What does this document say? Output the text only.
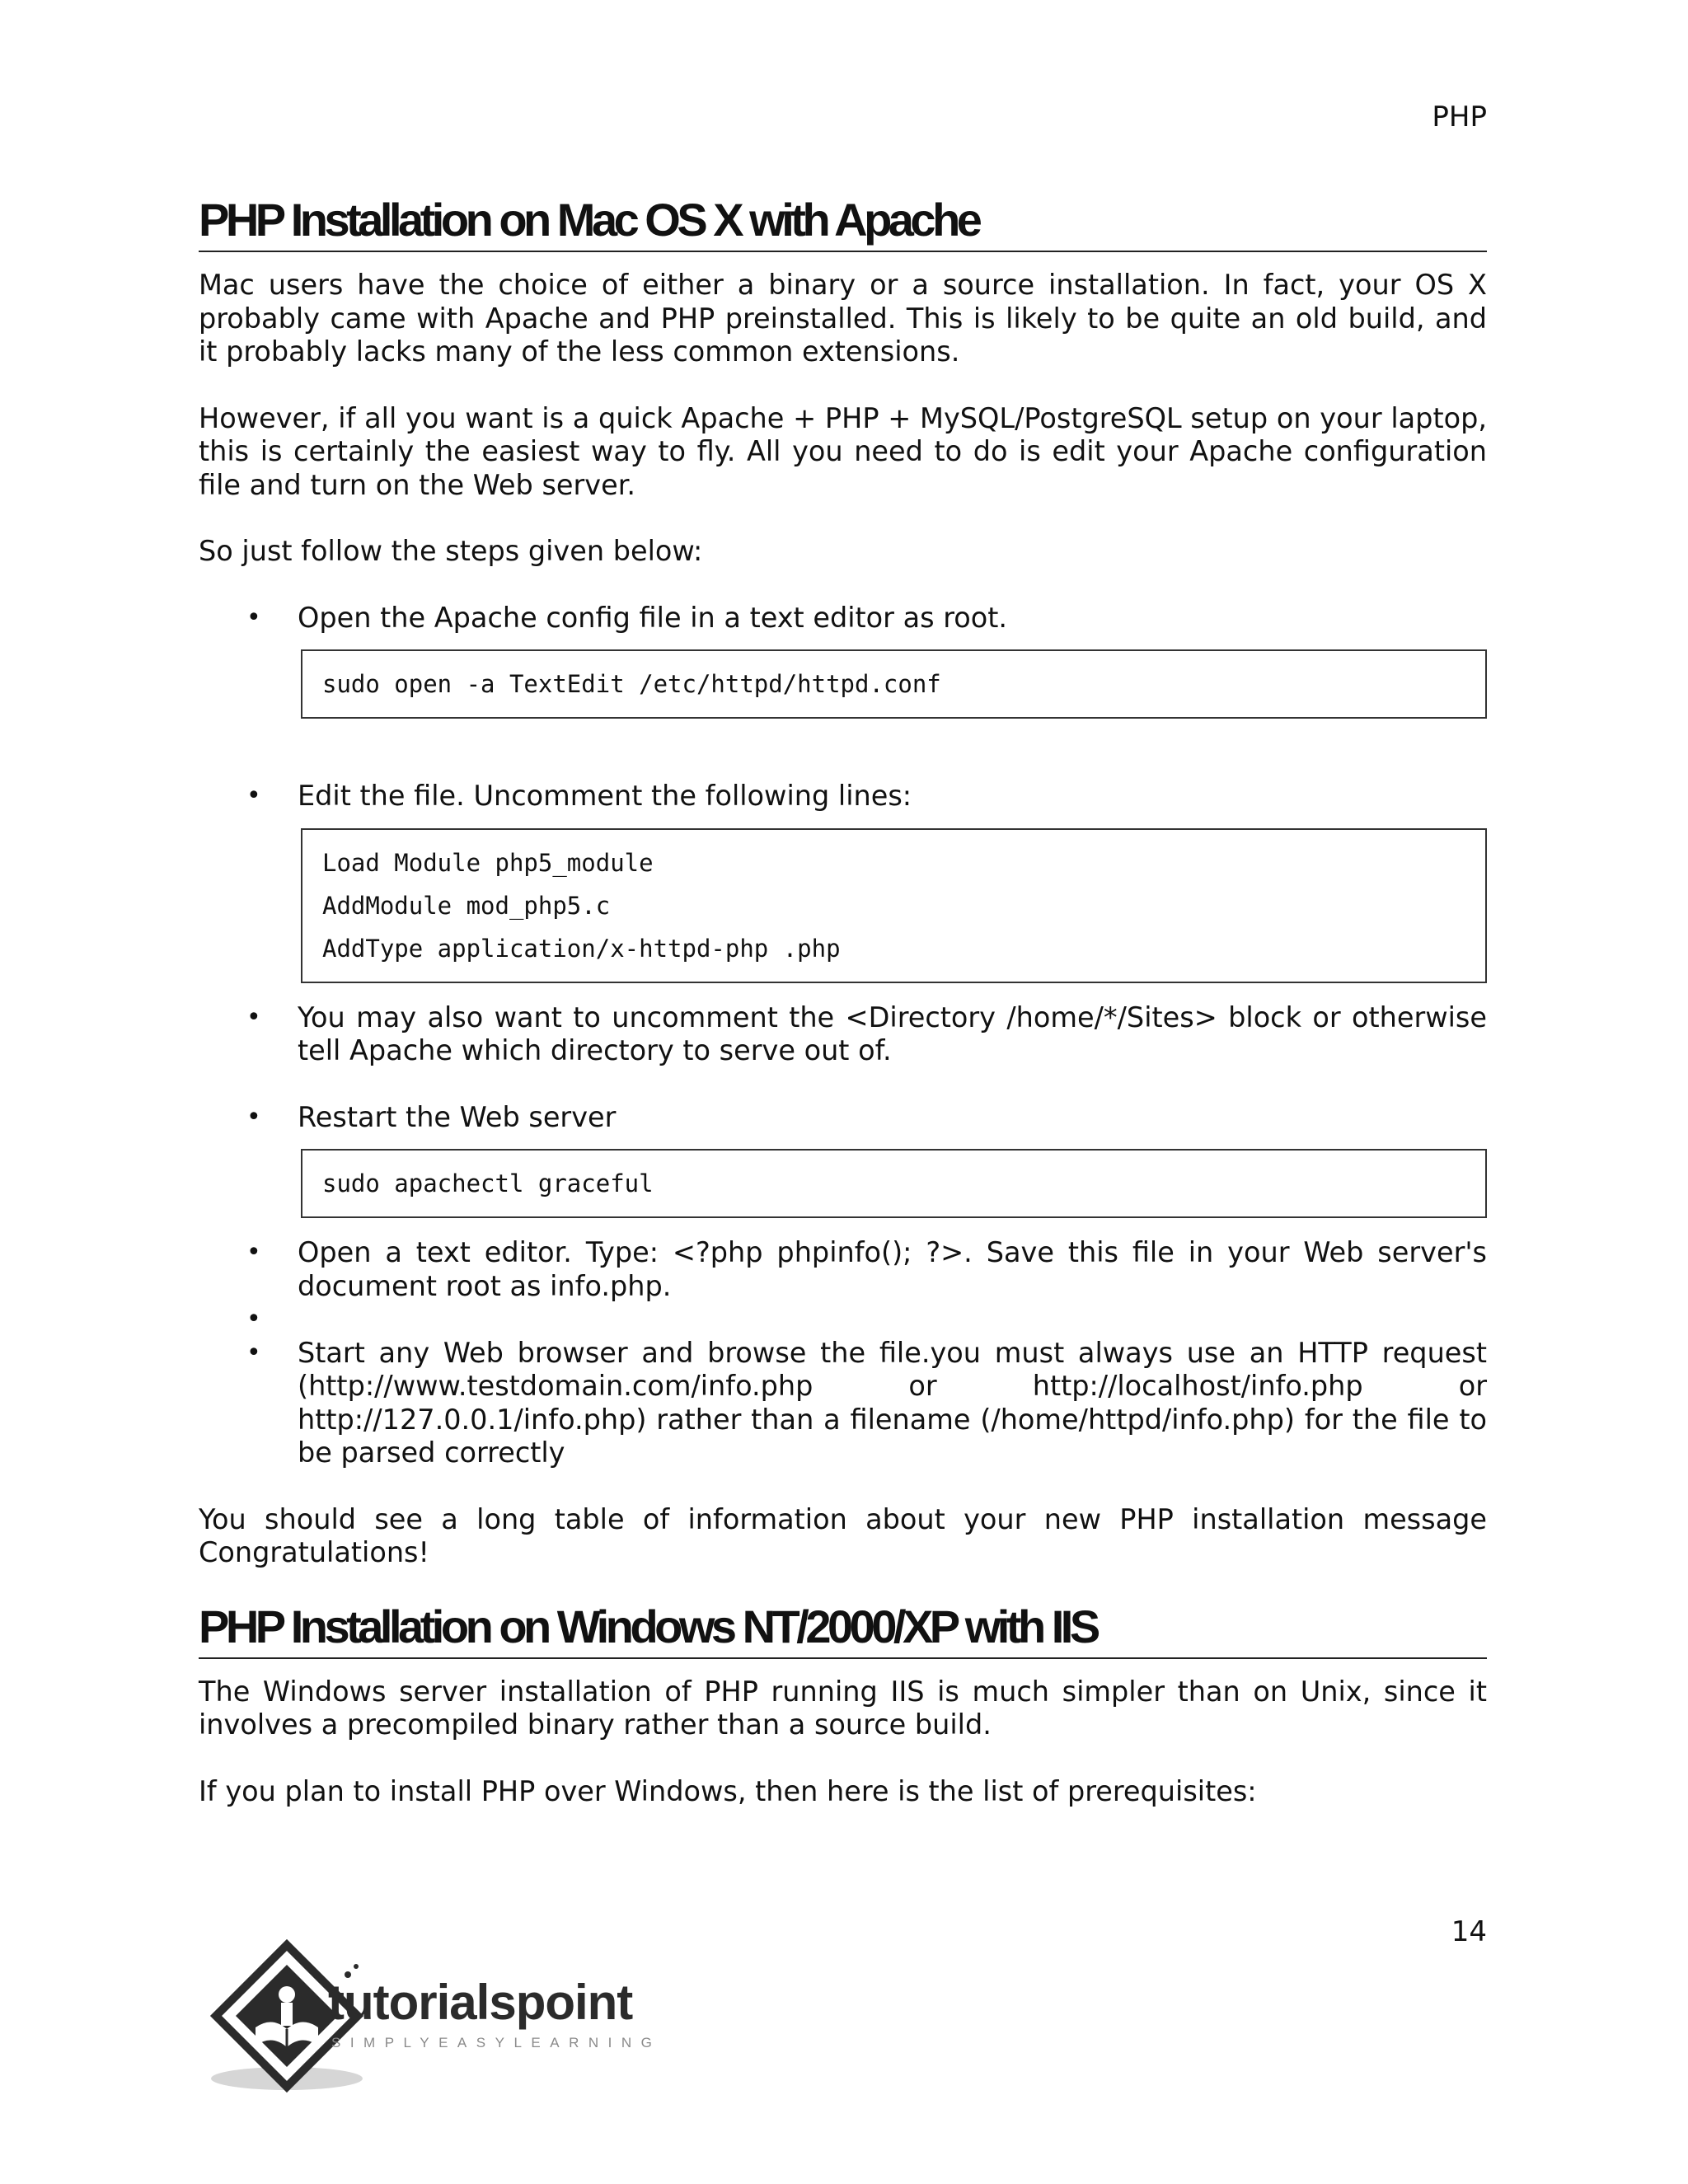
PHP
PHP Installation on Mac OS X with Apache

Mac users have the choice of either a binary or a source installation. In fact, your OS X probably came with Apache and PHP preinstalled. This is likely to be quite an old build, and it probably lacks many of the less common extensions.

However, if all you want is a quick Apache + PHP + MySQL/PostgreSQL setup on your laptop, this is certainly the easiest way to fly. All you need to do is edit your Apache configuration file and turn on the Web server.

So just follow the steps given below:

• Open the Apache config file in a text editor as root.
sudo open -a TextEdit /etc/httpd/httpd.conf
• Edit the file. Uncomment the following lines:
Load Module php5_module
AddModule mod_php5.c
AddType application/x-httpd-php .php
• You may also want to uncomment the <Directory /home/*/Sites> block or otherwise tell Apache which directory to serve out of.
• Restart the Web server
sudo apachectl graceful
• Open a text editor. Type: <?php phpinfo(); ?>. Save this file in your Web server's document root as info.php.
•
• Start any Web browser and browse the file.you must always use an HTTP request (http://www.testdomain.com/info.php or http://localhost/info.php or http://127.0.0.1/info.php) rather than a filename (/home/httpd/info.php) for the file to be parsed correctly

You should see a long table of information about your new PHP installation message Congratulations!

PHP Installation on Windows NT/2000/XP with IIS

The Windows server installation of PHP running IIS is much simpler than on Unix, since it involves a precompiled binary rather than a source build.

If you plan to install PHP over Windows, then here is the list of prerequisites:

14
tutorialspoint
SIMPLYEASYLEARNING
